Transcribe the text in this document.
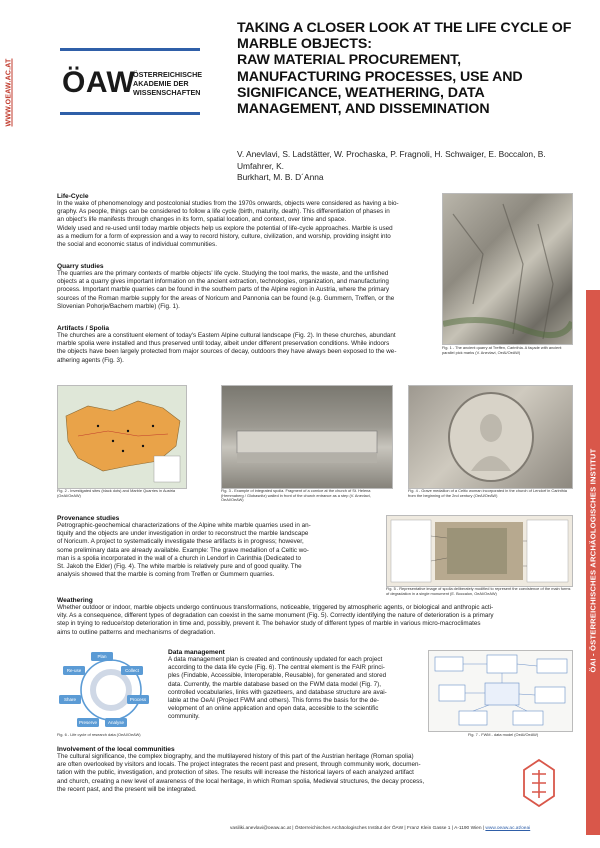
WWW.OEAW.AC.AT ÖAW
ÖSTERREICHISCHE
AKADEMIE DER
WISSENSCHAFTEN
TAKING A CLOSER LOOK AT THE LIFE CYCLE OF
MARBLE OBJECTS:
RAW MATERIAL PROCUREMENT,
MANUFACTURING PROCESSES, USE AND
SIGNIFICANCE, WEATHERING, DATA
MANAGEMENT, AND DISSEMINATION
V. Anevlavi, S. Ladstätter, W. Prochaska, P. Fragnoli, H. Schwaiger, E. Boccalon, B. Umfahrer, K.
Burkhart, M. B. D´Anna
Life-Cycle
In the wake of phenomenology and postcolonial studies from the 1970s onwards, objects were considered as having a bio-
graphy. As people, things can be considered to follow a life cycle (birth, maturity, death). This differentiation of phases in
an object's life manifests through changes in its form, spatial location, and context, over time and space.
Widely used and re-used until today marble objects help us explore the potential of life-cycle approaches. Marble is used
as a medium for a form of expression and a way to record history, culture, civilization, and worship, providing insight into
the social and economic status of individual communities.
Quarry studies
The quarries are the primary contexts of marble objects' life cycle. Studying the tool marks, the waste, and the unfished
objects at a quarry gives important information on the ancient extraction, technologies, organization, and manufacturing
process. Important marble quarries can be found in the southern parts of the Alpine region in Austria, where the primary
sources of the Roman marble supply for the areas of Noricum and Pannonia can be found (e.g. Gummern, Treffen, or the
Slovenian Pohorje/Bachern marble) (Fig. 1).
Artifacts / Spolia
The churches are a constituent element of today's Eastern Alpine cultural landscape (Fig. 2). In these churches, abundant
marble spolia were installed and thus preserved until today, albeit under different preservation conditions. While indoors
the objects have been largely protected from major sources of decay, outdoors they have always been exposed to the we-
athering agents (Fig. 3).
Fig. 1 - The ancient quarry at Treffen, Carinthia. A façade with ancient parallel pick marks (V. Anevlavi, OeAI/OeAW)
Fig. 2 - Investigated sites (black dots) and Marble Quarries in Austria (OeAI/OeAW)
Fig. 3 - Example of integrated spolia. Fragment of a cornice at the church of St. Helena (Hemmaberg / Globasnitz) walled in front of the church entrance as a step (V. Anevlavi, OeAI/OeAW)
Fig. 4 - Grave medallion of a Celtic woman incorporated in the church of Lendorf in Carinthia from the beginning of the 2nd century (OeAI/OeAW)
Provenance studies
Petrographic-geochemical characterizations of the Alpine white marble quarries used in an-
tiquity and the objects are under investigation in order to reconstruct the marble landscape
of Noricum. A project to systematically investigate these artifacts is in progress; however,
some preliminary data are already available. Example: The grave medallion of a Celtic wo-
man is a spolia incorporated in the wall of a church in Lendorf in Carinthia (Dedicated to
St. Jakob the Elder) (Fig. 4). The white marble is relatively pure and of good quality. The
analysis showed that the marble is coming from Treffen or Gummern quarries.
Fig. 5 - Representative image of spolia deliberately modified to represent the coexistence of the main forms of degradation in a single monument (E. Boccalon, OeAI/OeAW)
Weathering
Whether outdoor or indoor, marble objects undergo continuous transformations, noticeable, triggered by atmospheric agents, or biological and anthropic acti-
vity. As a consequence, different types of degradation can coexist in the same monument (Fig. 5). Correctly identifying the nature of deterioration is a primary
step in trying to reduce/stop deterioration in time and, possibly, prevent it. The behavior study of different types of marble in various micro-macroclimates
aims to outline patterns and mechanisms of degradation.
Plan
Collect
Process
Analyse
Preserve
Share
Re-use
Fig. 6 - Life cycle of research data (OeAI/OeAW)
Data management
A data management plan is created and continously updated for each project
according to the data life cycle (Fig. 6). The central element is the FAIR princi-
ples (Findable, Accessible, Interoperable, Reusable), for generated and stored
data. Currently, the marble database based on the FWM data model (Fig. 7),
controlled vocabularies, links with gazetteers, and database structure are avai-
lable at the OeAI (Project FWM and others). This forms the basis for the de-
velopment of an online application and open data, accesible to the scientific
community.
Fig. 7 - FWM - data model (OeAI/OeAW)
Involvement of the local communities
The cultural significance, the complex biography, and the multilayered history of this part of the Austrian heritage (Roman spolia)
are often overlooked by visitors and locals. The project integrates the recent past and present, through community work, documen-
tation with the public, investigation, and protection of sites. The results will increase the historical layers of each analyzed artifact
and church, creating a new level of awareness of the local heritage, in which Roman spolia, Medieval structures, the decay process,
the recent past, and the present will be integrated.
ÖAI - ÖSTERREICHISCHES ARCHÄOLOGISCHES INSTITUT
vasiliki.anevlavi@oeaw.ac.at | Österreichisches Archäologisches Institut der ÖAW | Franz Klein Gasse 1 | A-1190 Wien | www.oeaw.ac.at/oeai
